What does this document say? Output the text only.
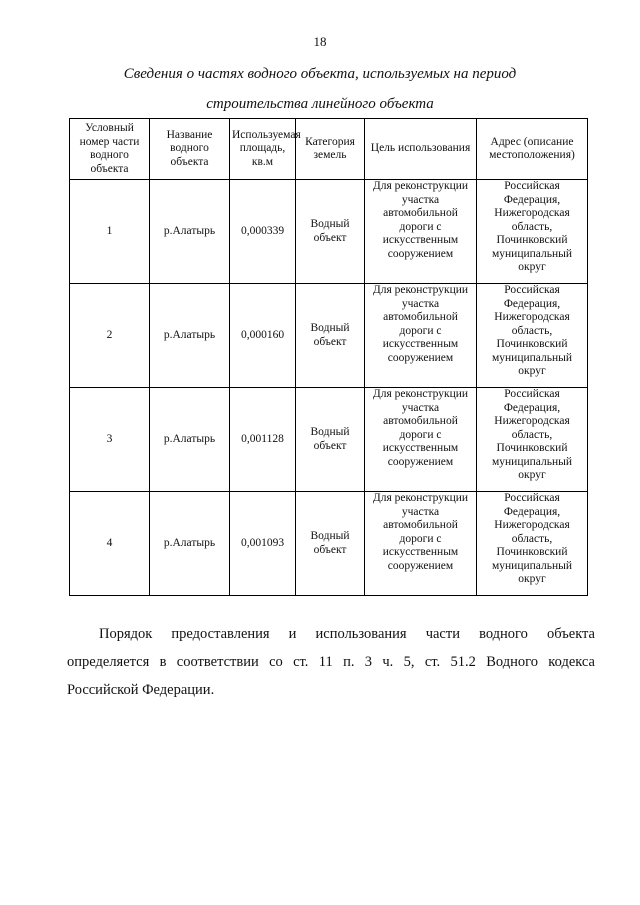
18
Сведения о частях водного объекта, используемых на период
строительства линейного объекта
Условный номер части водного объекта	Название водного объекта	Используемая площадь, кв.м	Категория земель	Цель использования	Адрес (описание местоположения)
1	р.Алатырь	0,000339	Водный объект	Для реконструкции участка автомобильной дороги с искусственным сооружением	Российская Федерация, Нижегородская область, Починковский муниципальный округ
2	р.Алатырь	0,000160	Водный объект	Для реконструкции участка автомобильной дороги с искусственным сооружением	Российская Федерация, Нижегородская область, Починковский муниципальный округ
3	р.Алатырь	0,001128	Водный объект	Для реконструкции участка автомобильной дороги с искусственным сооружением	Российская Федерация, Нижегородская область, Починковский муниципальный округ
4	р.Алатырь	0,001093	Водный объект	Для реконструкции участка автомобильной дороги с искусственным сооружением	Российская Федерация, Нижегородская область, Починковский муниципальный округ
Порядок предоставления и использования части водного объекта
определяется в соответствии со ст. 11 п. 3 ч. 5, ст. 51.2 Водного кодекса
Российской Федерации.
